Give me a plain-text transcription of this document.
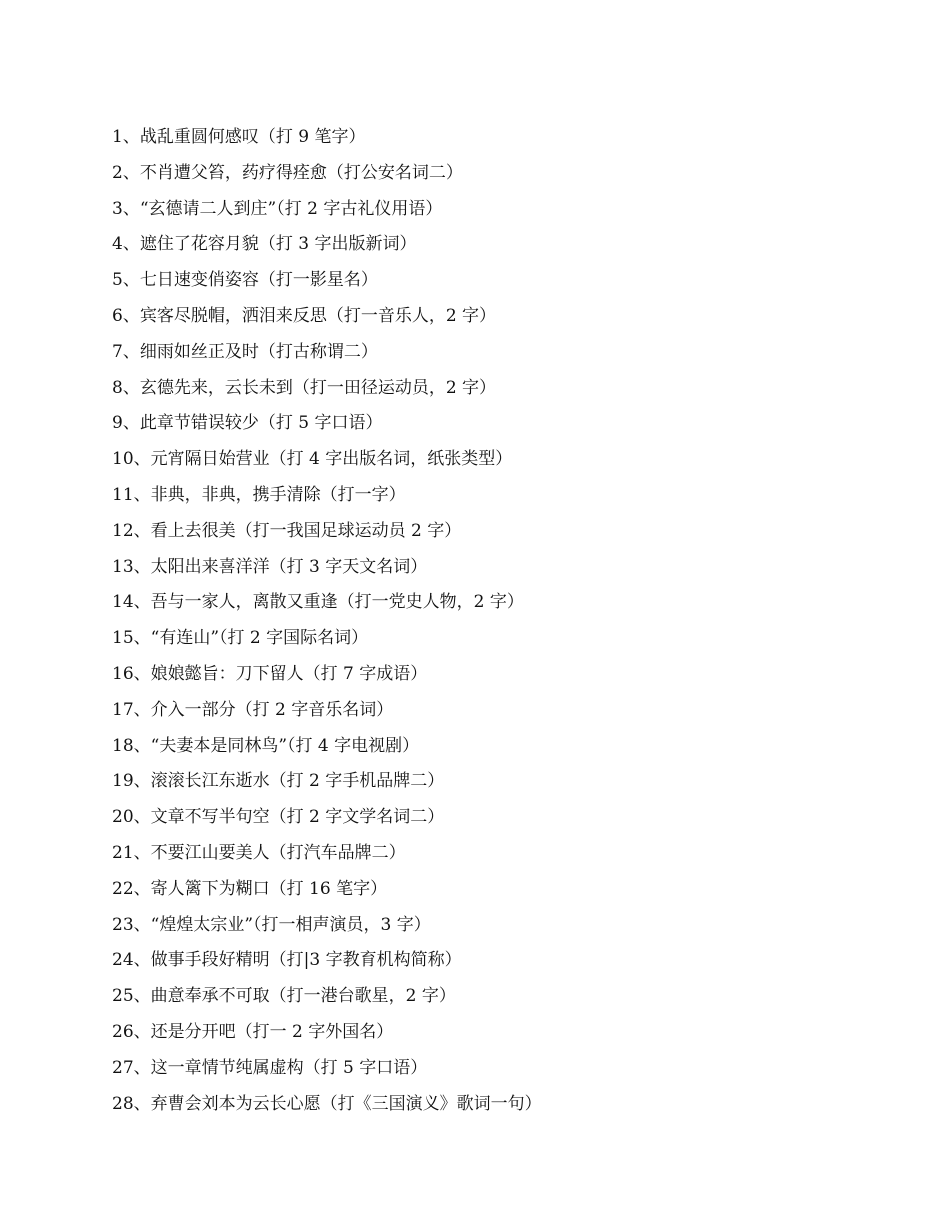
1、战乱重圆何感叹（打 9 笔字）
2、不肖遭父笞，药疗得痊愈（打公安名词二）
3、“玄德请二人到庄”（打 2 字古礼仪用语）
4、遮住了花容月貌（打 3 字出版新词）
5、七日速变俏姿容（打一影星名）
6、宾客尽脱帽，洒泪来反思（打一音乐人，2 字）
7、细雨如丝正及时（打古称谓二）
8、玄德先来，云长未到（打一田径运动员，2 字）
9、此章节错误较少（打 5 字口语）
10、元宵隔日始营业（打 4 字出版名词，纸张类型）
11、非典，非典，携手清除（打一字）
12、看上去很美（打一我国足球运动员 2 字）
13、太阳出来喜洋洋（打 3 字天文名词）
14、吾与一家人，离散又重逢（打一党史人物，2 字）
15、“有连山”（打 2 字国际名词）
16、娘娘懿旨：刀下留人（打 7 字成语）
17、介入一部分（打 2 字音乐名词）
18、“夫妻本是同林鸟”（打 4 字电视剧）
19、滚滚长江东逝水（打 2 字手机品牌二）
20、文章不写半句空（打 2 字文学名词二）
21、不要江山要美人（打汽车品牌二）
22、寄人篱下为糊口（打 16 笔字）
23、“煌煌太宗业”（打一相声演员，3 字）
24、做事手段好精明（打|3 字教育机构简称）
25、曲意奉承不可取（打一港台歌星，2 字）
26、还是分开吧（打一 2 字外国名）
27、这一章情节纯属虚构（打 5 字口语）
28、弃曹会刘本为云长心愿（打《三国演义》歌词一句）
